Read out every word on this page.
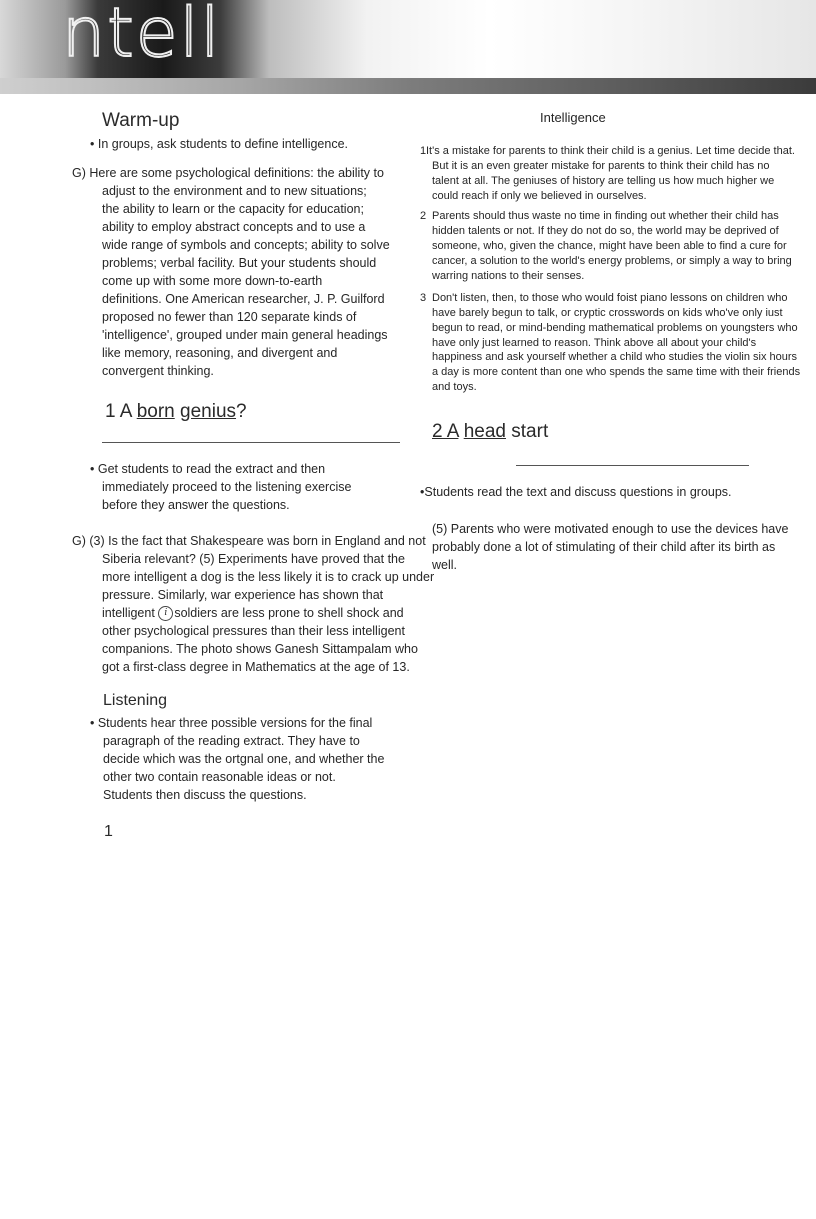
ntell
Warm-up
• In groups, ask students to define intelligence.
G) Here are some psychological definitions: the ability to
adjust to the environment and to new situations;
the ability to learn or the capacity for education;
ability to employ abstract concepts and to use a
wide range of symbols and concepts; ability to solve
problems; verbal facility. But your students should
come up with some more down-to-earth
definitions. One American researcher, J. P. Guilford
proposed no fewer than 120 separate kinds of
'intelligence', grouped under main general headings
like memory, reasoning, and divergent and
convergent thinking.
1 A born genius?
• Get students to read the extract and then
immediately proceed to the listening exercise
before they answer the questions.
G) (3) Is the fact that Shakespeare was born in England and not
Siberia relevant? (5) Experiments have proved that the
more intelligent a dog is the less likely it is to crack up under
pressure. Similarly, war experience has shown that
intelligent i soldiers are less prone to shell shock and
other psychological pressures than their less intelligent
companions. The photo shows Ganesh Sittampalam who
got a first-class degree in Mathematics at the age of 13.
Listening
• Students hear three possible versions for the final
paragraph of the reading extract. They have to
decide which was the ortgnal one, and whether the
other two contain reasonable ideas or not.
Students then discuss the questions.
1
Intelligence
1 It's a mistake for parents to think their child is a genius. Let time decide that.
But it is an even greater mistake for parents to think their child has no
talent at all. The geniuses of history are telling us how much higher we
could reach if only we believed in ourselves.
2 Parents should thus waste no time in finding out whether their child has
hidden talents or not. If they do not do so, the world may be deprived of
someone, who, given the chance, might have been able to find a cure for
cancer, a solution to the world's energy problems, or simply a way to bring
warring nations to their senses.
3 Don't listen, then, to those who would foist piano lessons on children who
have barely begun to talk, or cryptic crosswords on kids who've only iust
begun to read, or mind-bending mathematical problems on youngsters who
have only just learned to reason. Think above all about your child's
happiness and ask yourself whether a child who studies the violin six hours
a day is more content than one who spends the same time with their friends
and toys.
2 A head start
•Students read the text and discuss questions in groups.
(5) Parents who were motivated enough to use the devices have
probably done a lot of stimulating of their child after its birth as
well.
